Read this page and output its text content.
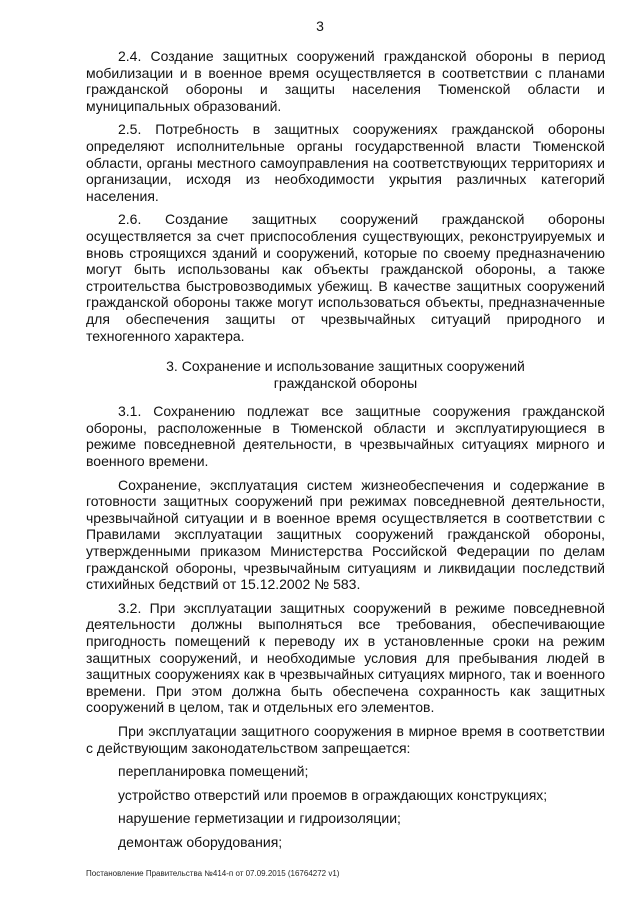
3

2.4. Создание защитных сооружений гражданской обороны в период мобилизации и в военное время осуществляется в соответствии с планами гражданской обороны и защиты населения Тюменской области и муниципальных образований.

2.5. Потребность в защитных сооружениях гражданской обороны определяют исполнительные органы государственной власти Тюменской области, органы местного самоуправления на соответствующих территориях и организации, исходя из необходимости укрытия различных категорий населения.

2.6. Создание защитных сооружений гражданской обороны осуществляется за счет приспособления существующих, реконструируемых и вновь строящихся зданий и сооружений, которые по своему предназначению могут быть использованы как объекты гражданской обороны, а также строительства быстровозводимых убежищ. В качестве защитных сооружений гражданской обороны также могут использоваться объекты, предназначенные для обеспечения защиты от чрезвычайных ситуаций природного и техногенного характера.

3. Сохранение и использование защитных сооружений
гражданской обороны

3.1. Сохранению подлежат все защитные сооружения гражданской обороны, расположенные в Тюменской области и эксплуатирующиеся в режиме повседневной деятельности, в чрезвычайных ситуациях мирного и военного времени.

Сохранение, эксплуатация систем жизнеобеспечения и содержание в готовности защитных сооружений при режимах повседневной деятельности, чрезвычайной ситуации и в военное время осуществляется в соответствии с Правилами эксплуатации защитных сооружений гражданской обороны, утвержденными приказом Министерства Российской Федерации по делам гражданской обороны, чрезвычайным ситуациям и ликвидации последствий стихийных бедствий от 15.12.2002 № 583.

3.2. При эксплуатации защитных сооружений в режиме повседневной деятельности должны выполняться все требования, обеспечивающие пригодность помещений к переводу их в установленные сроки на режим защитных сооружений, и необходимые условия для пребывания людей в защитных сооружениях как в чрезвычайных ситуациях мирного, так и военного времени. При этом должна быть обеспечена сохранность как защитных сооружений в целом, так и отдельных его элементов.

При эксплуатации защитного сооружения в мирное время в соответствии с действующим законодательством запрещается:

перепланировка помещений;

устройство отверстий или проемов в ограждающих конструкциях;

нарушение герметизации и гидроизоляции;

демонтаж оборудования;

Постановление Правительства №414-п от 07.09.2015 (16764272 v1)
